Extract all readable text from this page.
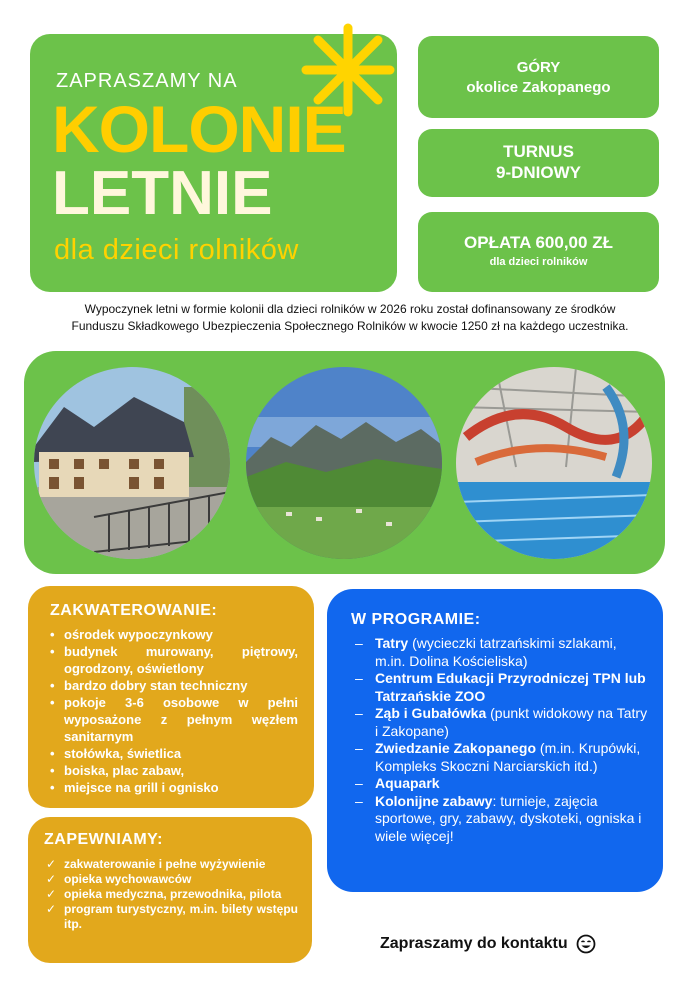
ZAPRASZAMY NA
KOLONIE
LETNIE
dla dzieci rolników
GÓRY
okolice Zakopanego
TURNUS
9-DNIOWY
OPŁATA 600,00 ZŁ
dla dzieci rolników
Wypoczynek letni w formie kolonii dla dzieci rolników w 2026 roku został dofinansowany ze środków
Funduszu Składkowego Ubezpieczenia Społecznego Rolników w kwocie 1250 zł na każdego uczestnika.
ZAKWATEROWANIE:
• ośrodek wypoczynkowy
• budynek murowany, piętrowy, ogrodzony, oświetlony
• bardzo dobry stan techniczny
• pokoje 3-6 osobowe w pełni wyposażone z pełnym węzłem sanitarnym
• stołówka, świetlica
• boiska, plac zabaw,
• miejsce na grill i ognisko
ZAPEWNIAMY:
✓ zakwaterowanie i pełne wyżywienie
✓ opieka wychowawców
✓ opieka medyczna, przewodnika, pilota
✓ program turystyczny, m.in. bilety wstępu itp.
W PROGRAMIE:
– Tatry (wycieczki tatrzańskimi szlakami,
m.in. Dolina Kościeliska)
– Centrum Edukacji Przyrodniczej TPN lub Tatrzańskie ZOO
– Ząb i Gubałówka (punkt widokowy na Tatry
i Zakopane)
– Zwiedzanie Zakopanego (m.in. Krupówki, Kompleks Skoczni Narciarskich itd.)
– Aquapark
– Kolonijne zabawy: turnieje, zajęcia sportowe, gry, zabawy, dyskoteki, ogniska i wiele więcej!
Zapraszamy do kontaktu
